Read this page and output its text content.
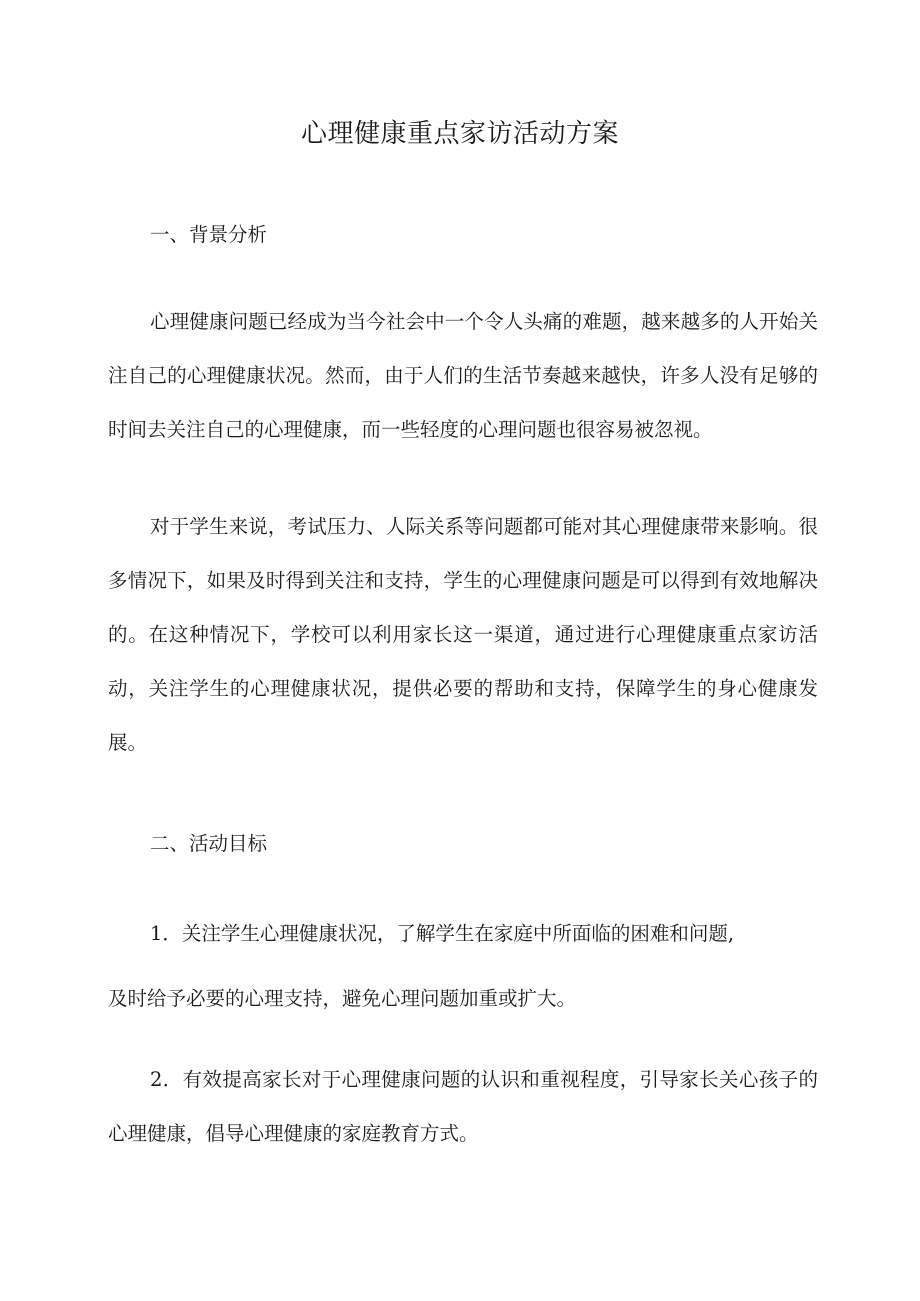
心理健康重点家访活动方案
一、背景分析

心理健康问题已经成为当今社会中一个令人头痛的难题，越来越多的人开始关注自己的心理健康状况。然而，由于人们的生活节奏越来越快，许多人没有足够的时间去关注自己的心理健康，而一些轻度的心理问题也很容易被忽视。

对于学生来说，考试压力、人际关系等问题都可能对其心理健康带来影响。很多情况下，如果及时得到关注和支持，学生的心理健康问题是可以得到有效地解决的。在这种情况下，学校可以利用家长这一渠道，通过进行心理健康重点家访活动，关注学生的心理健康状况，提供必要的帮助和支持，保障学生的身心健康发展。

二、活动目标

1．关注学生心理健康状况，了解学生在家庭中所面临的困难和问题,

及时给予必要的心理支持，避免心理问题加重或扩大。

2．有效提高家长对于心理健康问题的认识和重视程度，引导家长关心孩子的心理健康，倡导心理健康的家庭教育方式。
